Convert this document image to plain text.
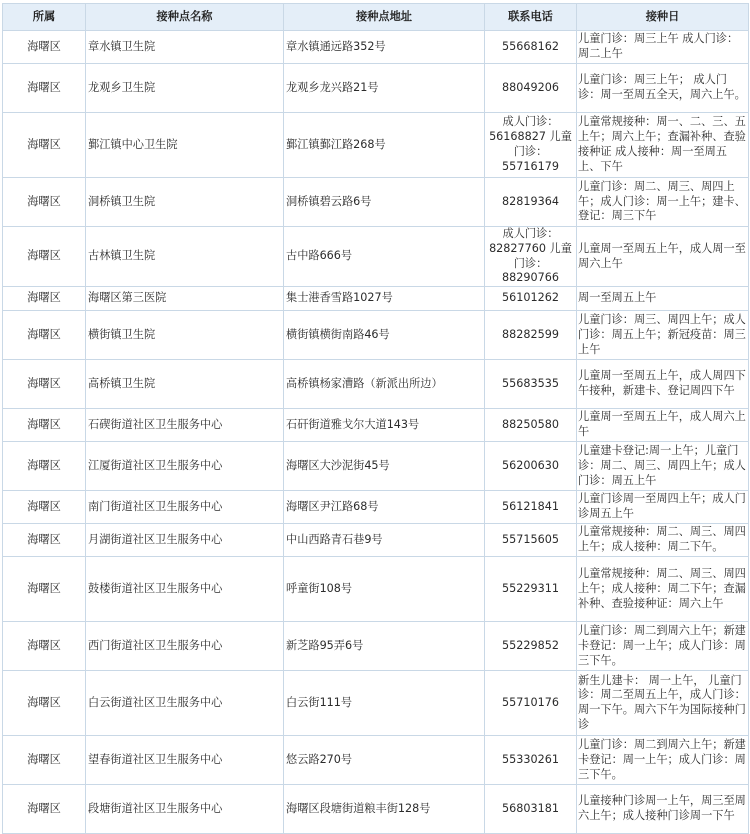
所属	接种点名称	接种点地址	联系电话	接种日
海曙区	章水镇卫生院	章水镇通远路352号	55668162	儿童门诊：周三上午 成人门诊：周二上午
海曙区	龙观乡卫生院	龙观乡龙兴路21号	88049206	儿童门诊：周三上午； 成人门诊：周一至周五全天，周六上午。
海曙区	鄞江镇中心卫生院	鄞江镇鄞江路268号	成人门诊：56168827 儿童门诊：55716179	儿童常规接种：周一、二、三、五上午；周六上午；查漏补种、查验接种证 成人接种：周一至周五上、下午
海曙区	洞桥镇卫生院	洞桥镇碧云路6号	82819364	儿童门诊：周二、周三、周四上午；成人门诊：周一上午；建卡、登记：周三下午
海曙区	古林镇卫生院	古中路666号	成人门诊：82827760 儿童门诊：88290766	儿童周一至周五上午，成人周一至周六上午
海曙区	海曙区第三医院	集士港香雪路1027号	56101262	周一至周五上午
海曙区	横街镇卫生院	横街镇横街南路46号	88282599	儿童门诊：周三、周四上午；成人门诊：周五上午；新冠疫苗：周三上午
海曙区	高桥镇卫生院	高桥镇杨家漕路（新派出所边）	55683535	儿童周一至周五上午，成人周四下午接种，新建卡、登记周四下午
海曙区	石碶街道社区卫生服务中心	石矸街道雅戈尔大道143号	88250580	儿童周一至周五上午，成人周六上午
海曙区	江厦街道社区卫生服务中心	海曙区大沙泥街45号	56200630	儿童建卡登记:周一上午；儿童门诊：周二、周三、周四上午；成人门诊：周五上午
海曙区	南门街道社区卫生服务中心	海曙区尹江路68号	56121841	儿童门诊周一至周四上午；成人门诊周五上午
海曙区	月湖街道社区卫生服务中心	中山西路青石巷9号	55715605	儿童常规接种：周二、周三、周四上午；成人接种：周二下午。
海曙区	鼓楼街道社区卫生服务中心	呼童街108号	55229311	儿童常规接种：周二、周三、周四上午；成人接种：周二下午；查漏补种、查验接种证：周六上午
海曙区	西门街道社区卫生服务中心	新芝路95弄6号	55229852	儿童门诊：周二到周六上午；新建卡登记：周一上午；成人门诊：周三下午。
海曙区	白云街道社区卫生服务中心	白云街111号	55710176	新生儿建卡： 周一上午， 儿童门诊：周二至周五上午，成人门诊：周一下午。周六下午为国际接种门诊
海曙区	望春街道社区卫生服务中心	悠云路270号	55330261	儿童门诊：周二到周六上午；新建卡登记：周一上午；成人门诊：周三下午。
海曙区	段塘街道社区卫生服务中心	海曙区段塘街道粮丰街128号	56803181	儿童接种门诊周一上午，周三至周六上午；成人接种门诊周一下午
